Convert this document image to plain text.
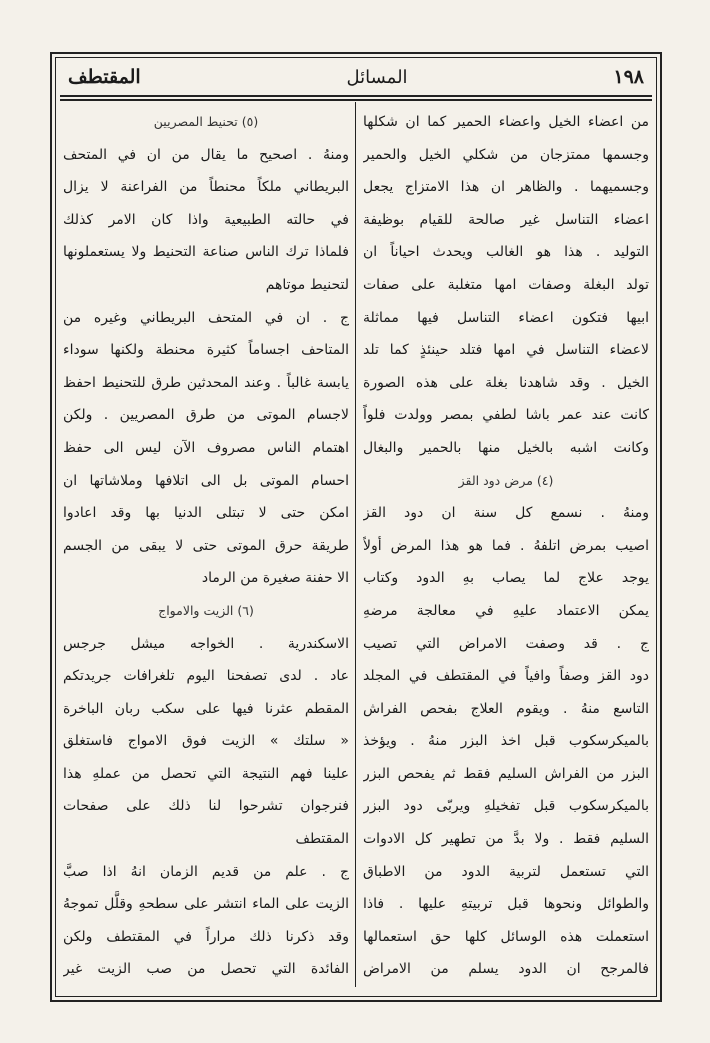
١٩٨
المسائل
المقتطف
من اعضاء الخيل واعضاء الحمير كما ان شكلها
وجسمها ممتزجان من شكلي الخيل والحمير
وجسميهما . والظاهر ان هذا الامتزاج يجعل
اعضاء التناسل غير صالحة للقيام بوظيفة
التوليد . هذا هو الغالب ويحدث احياناً ان
تولد البغلة وصفات امها متغلبة على صفات
ابيها فتكون اعضاء التناسل فيها مماثلة
لاعضاء التناسل في امها فتلد حينئذٍ كما تلد
الخيل . وقد شاهدنا بغلة على هذه الصورة
كانت عند عمر باشا لطفي بمصر وولدت فلواً
وكانت اشبه بالخيل منها بالحمير والبغال
(٤) مرض دود القز
ومنهُ . نسمع كل سنة ان دود القز
اصيب بمرض اتلفهُ . فما هو هذا المرض أولاً
يوجد علاج لما يصاب بهِ الدود وكتاب
يمكن الاعتماد عليهِ في معالجة مرضهِ
ج . قد وصفت الامراض التي تصيب
دود القز وصفاً وافياً في المقتطف في المجلد
التاسع منهُ . ويقوم العلاج بفحص الفراش
بالميكرسكوب قبل اخذ البزر منهُ . ويؤخذ
البزر من الفراش السليم فقط ثم يفحص البزر
بالميكرسكوب قبل تفخيلهِ ويربّى دود البزر
السليم فقط . ولا بدَّ من تطهير كل الادوات
التي تستعمل لتربية الدود من الاطباق
والطوائل ونحوها قبل تربيتهِ عليها . فاذا
استعملت هذه الوسائل كلها حق استعمالها
فالمرجح ان الدود يسلم من الامراض
(٥) تحنيط المصريين
ومنهُ . اصحيح ما يقال من ان في المتحف
البريطاني ملكاً محنطاً من الفراعنة لا يزال
في حالته الطبيعية واذا كان الامر كذلك
فلماذا ترك الناس صناعة التحنيط ولا يستعملونها
لتحنيط موتاهم
ج . ان في المتحف البريطاني وغيره من
المتاحف اجساماً كثيرة محنطة ولكنها سوداء
يابسة غالباً . وعند المحدثين طرق للتحنيط احفظ
لاجسام الموتى من طرق المصريين . ولكن
اهتمام الناس مصروف الآن ليس الى حفظ
احسام الموتى بل الى اتلافها وملاشاتها ان
امكن حتى لا تبتلى الدنيا بها وقد اعادوا
طريقة حرق الموتى حتى لا يبقى من الجسم
الا حفنة صغيرة من الرماد
(٦) الزيت والامواج
الاسكندرية . الخواجه ميشل جرجس
عاد . لدى تصفحنا اليوم تلغرافات جريدتكم
المقطم عثرنا فيها على سكب ربان الباخرة
« سلتك » الزيت فوق الامواج فاستغلق
علينا فهم النتيجة التي تحصل من عملهِ هذا
فنرجوان تشرحوا لنا ذلك على صفحات
المقتطف
ج . علم من قديم الزمان انهُ اذا صبَّ
الزيت على الماء انتشر على سطحهِ وقلَّل تموجهُ
وقد ذكرنا ذلك مراراً في المقتطف ولكن
الفائدة التي تحصل من صب الزيت غير
